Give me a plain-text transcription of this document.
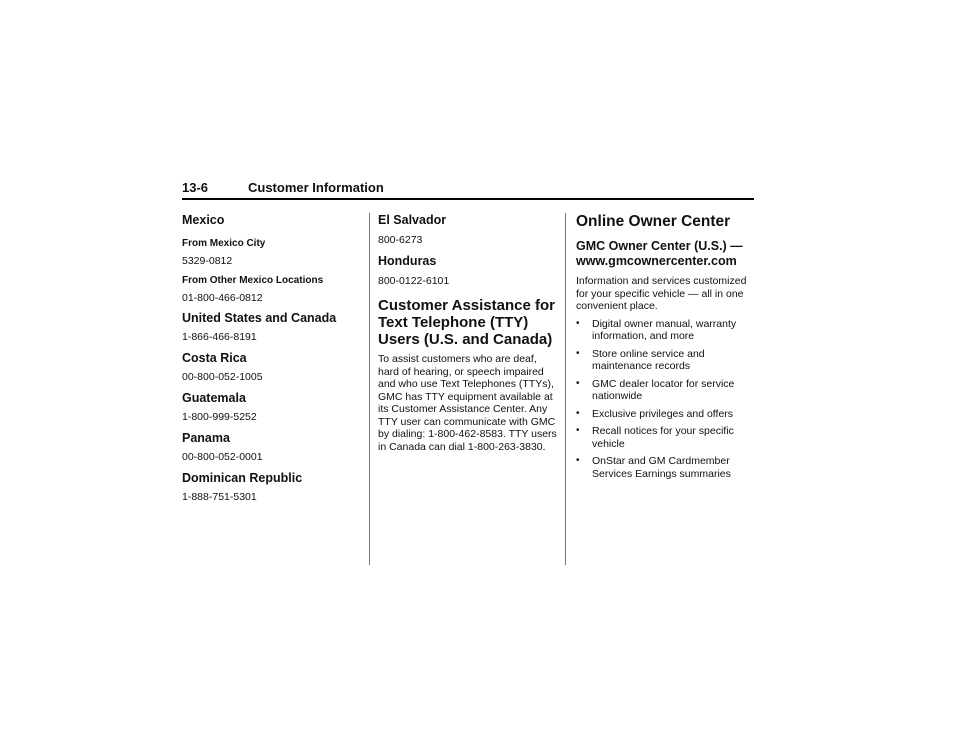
13-6	Customer Information

Mexico

From Mexico City

5329-0812

From Other Mexico Locations

01-800-466-0812

United States and Canada

1-866-466-8191

Costa Rica

00-800-052-1005

Guatemala

1-800-999-5252

Panama

00-800-052-0001

Dominican Republic

1-888-751-5301

El Salvador

800-6273

Honduras

800-0122-6101

Customer Assistance for Text Telephone (TTY) Users (U.S. and Canada)

To assist customers who are deaf, hard of hearing, or speech impaired and who use Text Telephones (TTYs), GMC has TTY equipment available at its Customer Assistance Center. Any TTY user can communicate with GMC by dialing: 1-800-462-8583. TTY users in Canada can dial 1-800-263-3830.

Online Owner Center

GMC Owner Center (U.S.) — www.gmcownercenter.com

Information and services customized for your specific vehicle — all in one convenient place.

• Digital owner manual, warranty information, and more
• Store online service and maintenance records
• GMC dealer locator for service nationwide
• Exclusive privileges and offers
• Recall notices for your specific vehicle
• OnStar and GM Cardmember Services Earnings summaries
